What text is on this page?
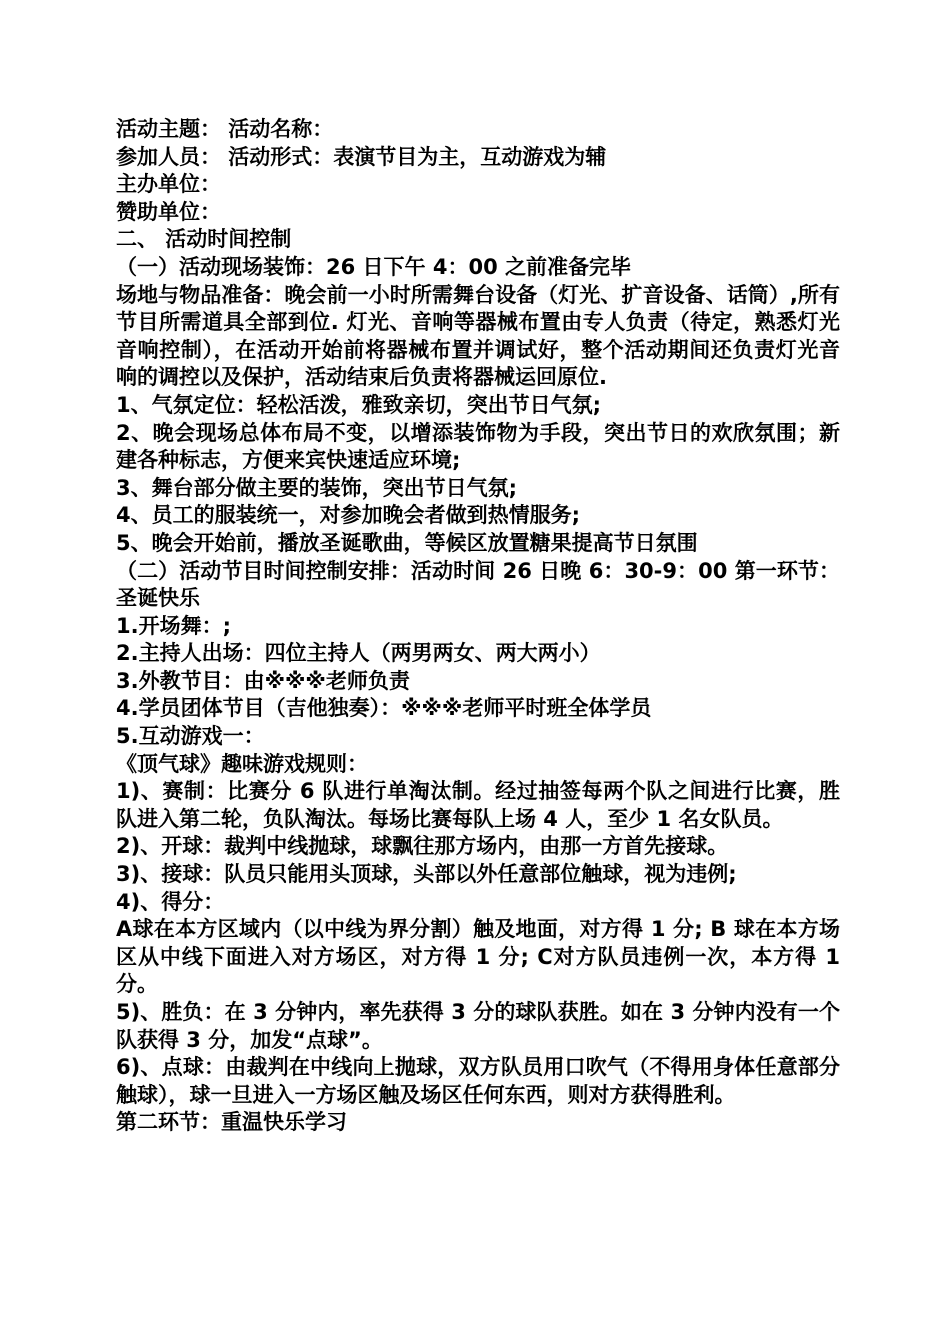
活动主题： 活动名称：

参加人员： 活动形式：表演节目为主，互动游戏为辅

主办单位：

赞助单位：

二、 活动时间控制

（一）活动现场装饰：26 日下午 4：00 之前准备完毕

场地与物品准备：晚会前一小时所需舞台设备（灯光、扩音设备、话筒）,所有节目所需道具全部到位. 灯光、音响等器械布置由专人负责（待定，熟悉灯光音响控制），在活动开始前将器械布置并调试好，整个活动期间还负责灯光音响的调控以及保护，活动结束后负责将器械运回原位.

1、气氛定位：轻松活泼，雅致亲切，突出节日气氛;

2、晚会现场总体布局不变，以增添装饰物为手段，突出节日的欢欣氛围；新建各种标志，方便来宾快速适应环境;

3、舞台部分做主要的装饰，突出节日气氛;

4、员工的服装统一，对参加晚会者做到热情服务;

5、晚会开始前，播放圣诞歌曲，等候区放置糖果提高节日氛围

（二）活动节目时间控制安排：活动时间 26 日晚 6：30-9：00 第一环节：圣诞快乐

1.开场舞：;

2.主持人出场：四位主持人（两男两女、两大两小）

3.外教节目：由※※※老师负责

4.学员团体节目（吉他独奏）：※※※老师平时班全体学员

5.互动游戏一：

《顶气球》趣味游戏规则：

1)、赛制：比赛分 6 队进行单淘汰制。经过抽签每两个队之间进行比赛，胜队进入第二轮，负队淘汰。每场比赛每队上场 4 人，至少 1 名女队员。

2)、开球：裁判中线抛球，球飘往那方场内，由那一方首先接球。

3)、接球：队员只能用头顶球，头部以外任意部位触球，视为违例;

4)、得分：

A球在本方区域内（以中线为界分割）触及地面，对方得 1 分; B 球在本方场区从中线下面进入对方场区，对方得 1 分; C对方队员违例一次，本方得 1 分。

5)、胜负：在 3 分钟内，率先获得 3 分的球队获胜。如在 3 分钟内没有一个队获得 3 分，加发“点球”。

6)、点球：由裁判在中线向上抛球，双方队员用口吹气（不得用身体任意部分触球），球一旦进入一方场区触及场区任何东西，则对方获得胜利。

第二环节：重温快乐学习
